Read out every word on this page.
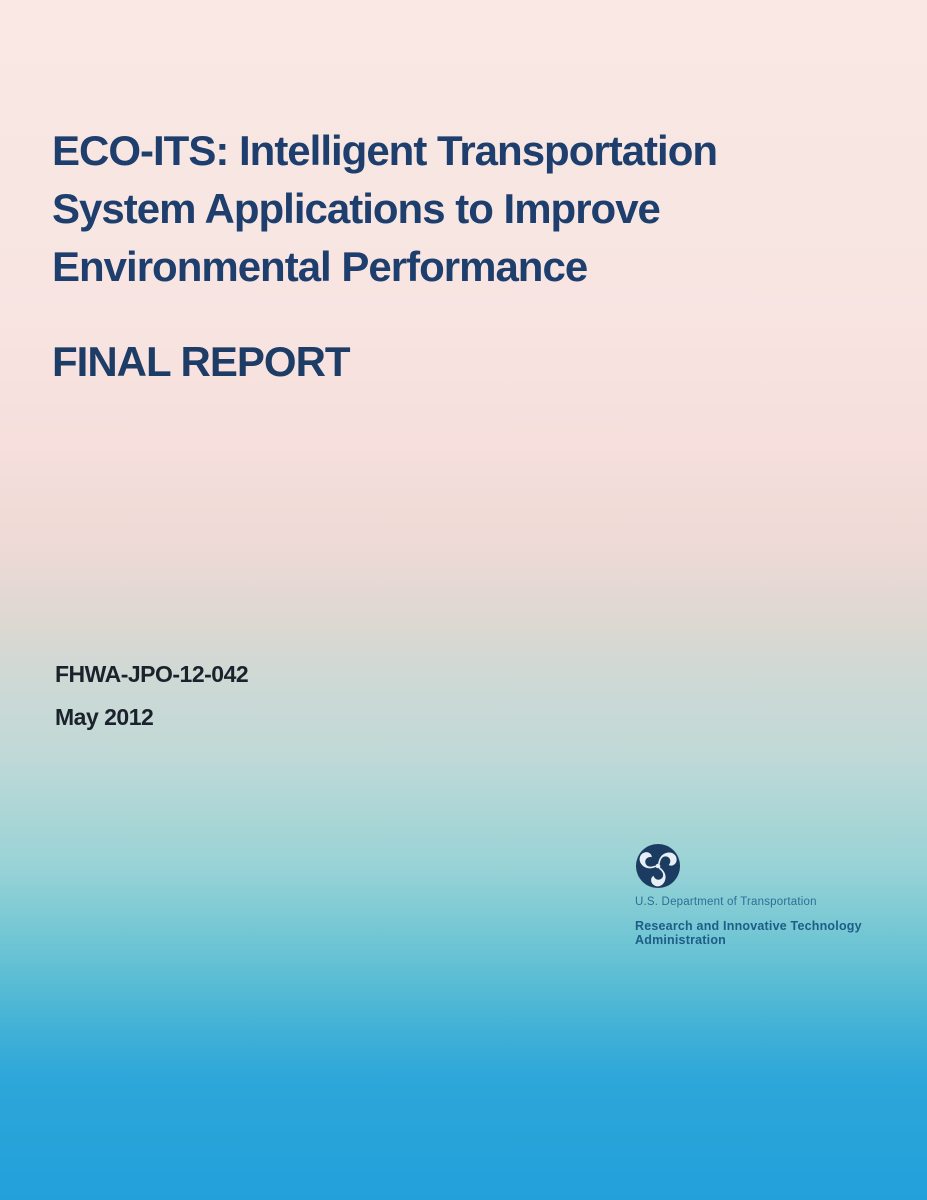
ECO-ITS: Intelligent Transportation
System Applications to Improve
Environmental Performance
FINAL REPORT
FHWA-JPO-12-042
May 2012
U.S. Department of Transportation
Research and Innovative Technology Administration
